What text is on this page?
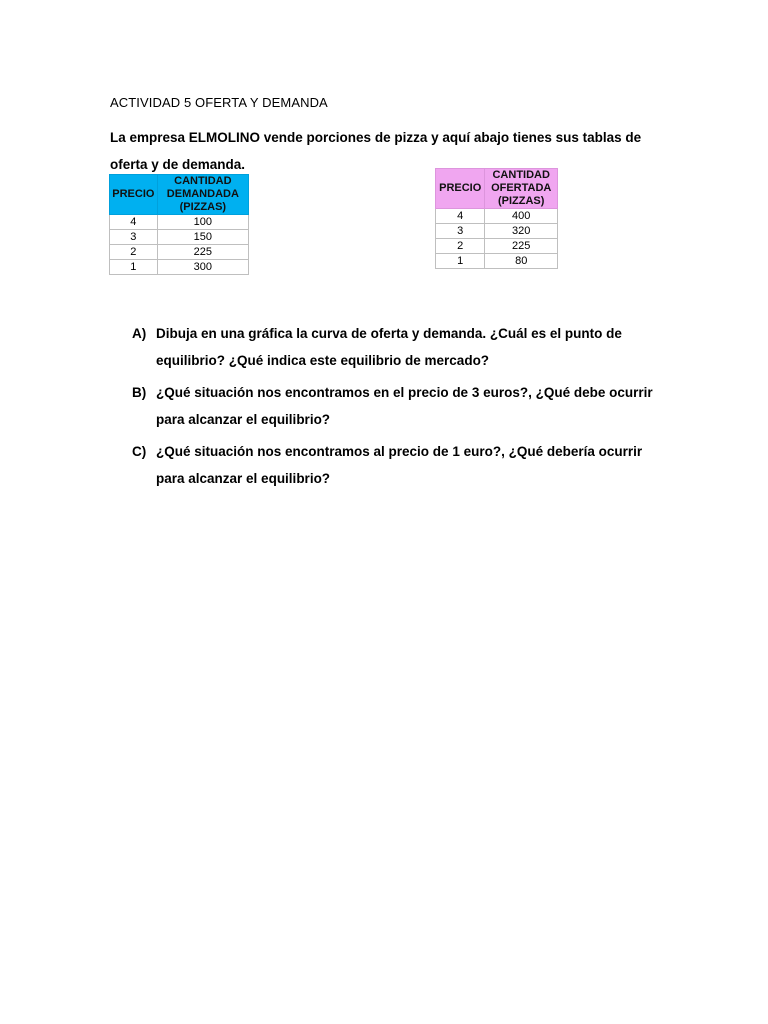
ACTIVIDAD 5 OFERTA Y DEMANDA
La empresa ELMOLINO vende porciones de pizza y aquí abajo tienes sus tablas de oferta y de demanda.
PRECIO	CANTIDAD DEMANDADA (PIZZAS)

4	100
3	150
2	225
1	300
PRECIO	CANTIDAD OFERTADA (PIZZAS)

4	400
3	320
2	225
1	80
A) Dibuja en una gráfica la curva de oferta y demanda. ¿Cuál es el punto de equilibrio? ¿Qué indica este equilibrio de mercado?
B) ¿Qué situación nos encontramos en el precio de 3 euros?, ¿Qué debe ocurrir para alcanzar el equilibrio?
C) ¿Qué situación nos encontramos al precio de 1 euro?, ¿Qué debería ocurrir para alcanzar el equilibrio?
